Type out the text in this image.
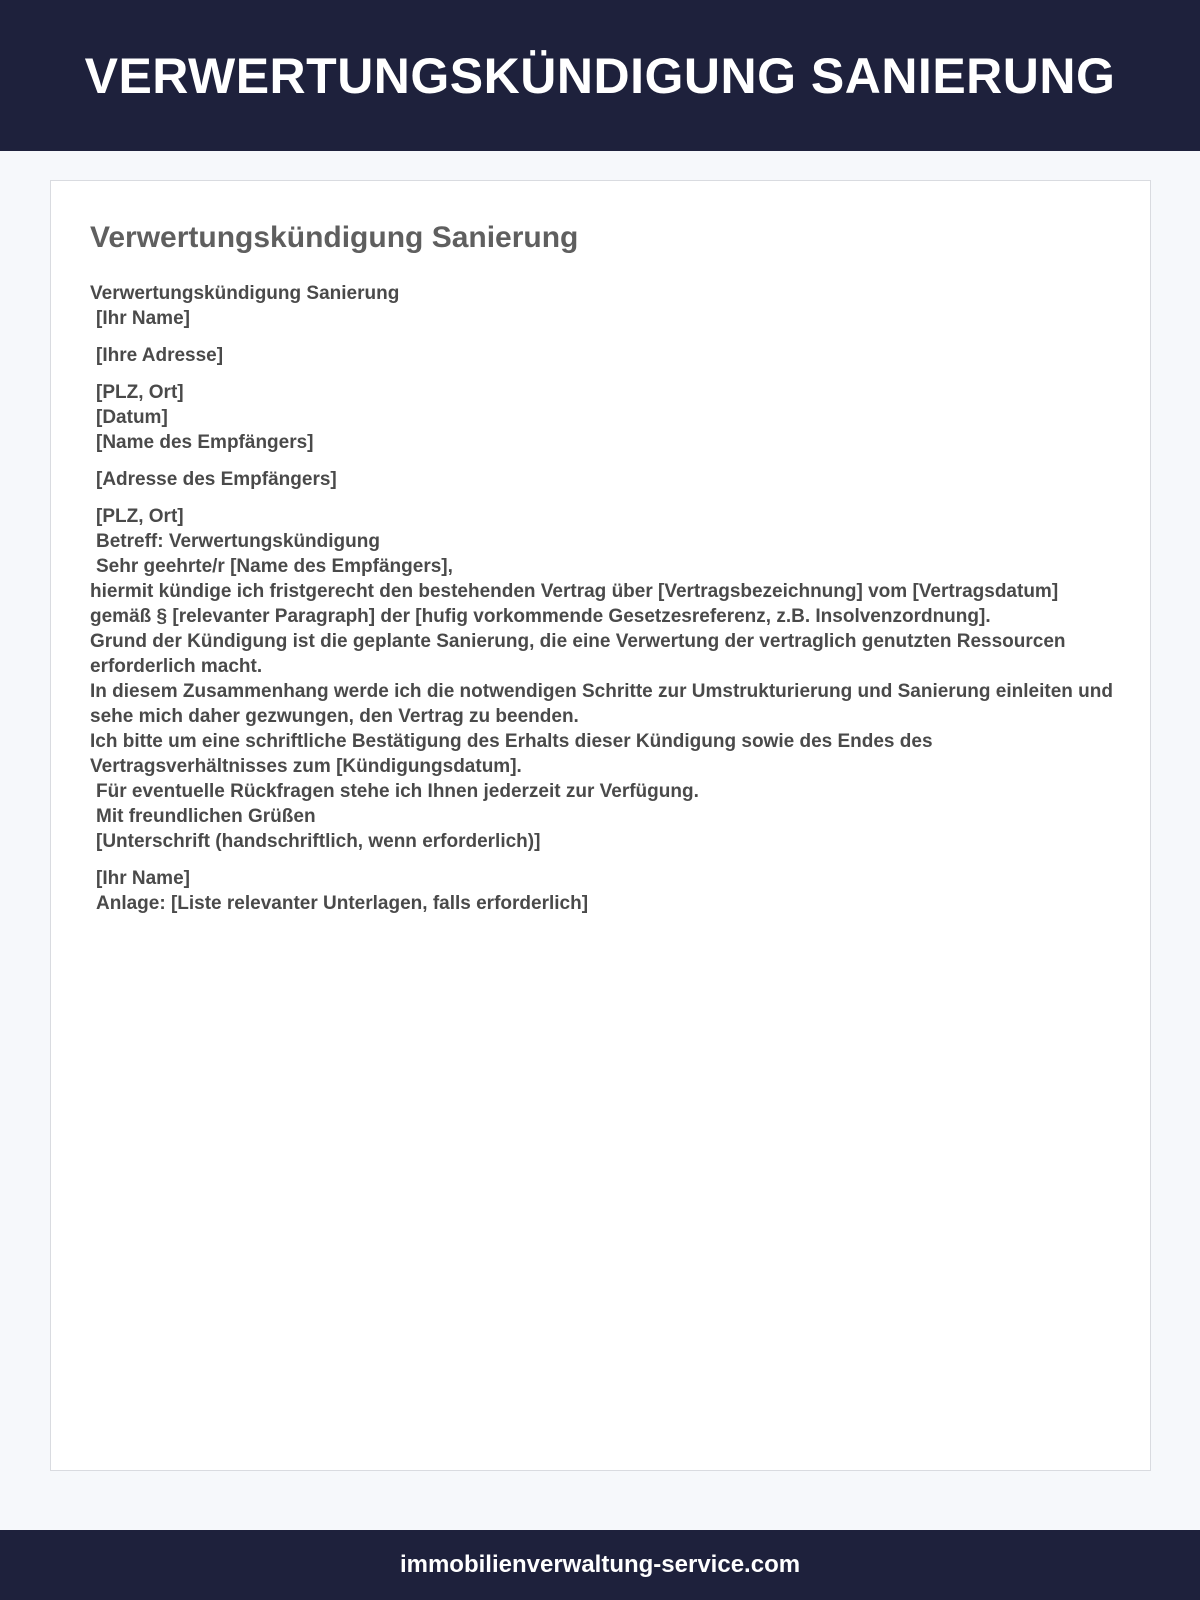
VERWERTUNGSKÜNDIGUNG SANIERUNG
Verwertungskündigung Sanierung
Verwertungskündigung Sanierung
[Ihr Name]
[Ihre Adresse]
[PLZ, Ort]
[Datum]
[Name des Empfängers]
[Adresse des Empfängers]
[PLZ, Ort]
Betreff: Verwertungskündigung
Sehr geehrte/r [Name des Empfängers],
hiermit kündige ich fristgerecht den bestehenden Vertrag über [Vertragsbezeichnung] vom [Vertragsdatum] gemäß § [relevanter Paragraph] der [hufig vorkommende Gesetzesreferenz, z.B. Insolvenzordnung].
Grund der Kündigung ist die geplante Sanierung, die eine Verwertung der vertraglich genutzten Ressourcen erforderlich macht.
In diesem Zusammenhang werde ich die notwendigen Schritte zur Umstrukturierung und Sanierung einleiten und sehe mich daher gezwungen, den Vertrag zu beenden.
Ich bitte um eine schriftliche Bestätigung des Erhalts dieser Kündigung sowie des Endes des Vertragsverhältnisses zum [Kündigungsdatum].
Für eventuelle Rückfragen stehe ich Ihnen jederzeit zur Verfügung.
Mit freundlichen Grüßen
[Unterschrift (handschriftlich, wenn erforderlich)]
[Ihr Name]
Anlage: [Liste relevanter Unterlagen, falls erforderlich]
immobilienverwaltung-service.com
